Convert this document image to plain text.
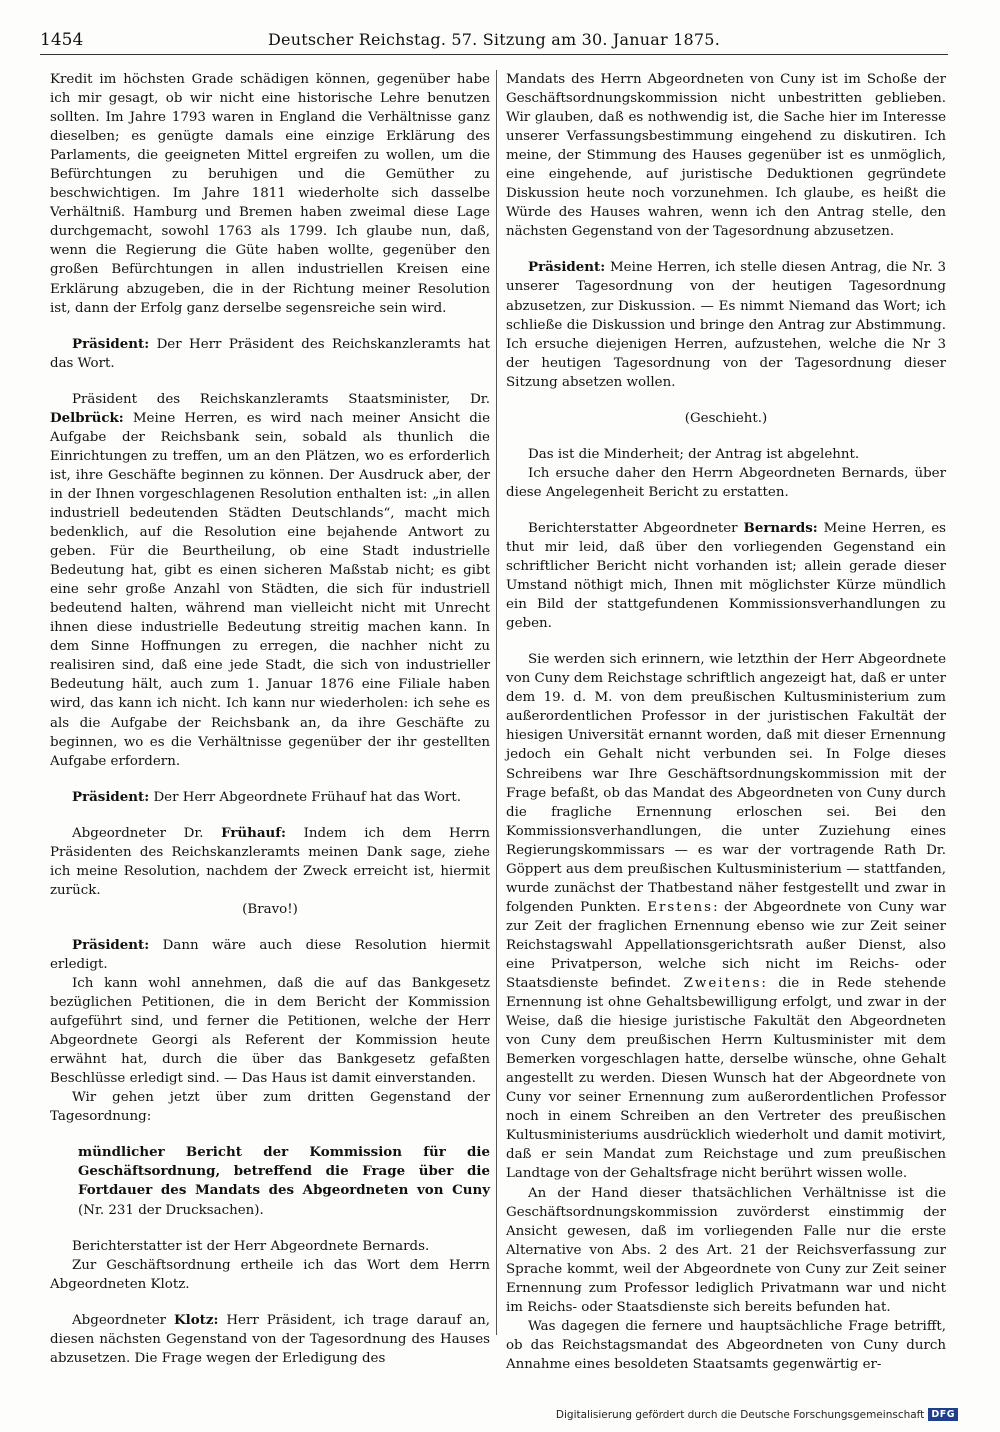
1454	Deutscher Reichstag. 57. Sitzung am 30. Januar 1875.

Kredit im höchsten Grade schädigen können, gegenüber habe ich mir gesagt, ob wir nicht eine historische Lehre benutzen sollten. Im Jahre 1793 waren in England die Verhältnisse ganz dieselben; es genügte damals eine einzige Erklärung des Parlaments, die geeigneten Mittel ergreifen zu wollen, um die Befürchtungen zu beruhigen und die Gemüther zu beschwichtigen. Im Jahre 1811 wiederholte sich dasselbe Verhältniß. Hamburg und Bremen haben zweimal diese Lage durchgemacht, sowohl 1763 als 1799. Ich glaube nun, daß, wenn die Regierung die Güte haben wollte, gegenüber den großen Befürchtungen in allen industriellen Kreisen eine Erklärung abzugeben, die in der Richtung meiner Resolution ist, dann der Erfolg ganz derselbe segensreiche sein wird.

Präsident: Der Herr Präsident des Reichskanzleramts hat das Wort.

Präsident des Reichskanzleramts Staatsminister, Dr. Delbrück: Meine Herren, es wird nach meiner Ansicht die Aufgabe der Reichsbank sein, sobald als thunlich die Einrichtungen zu treffen, um an den Plätzen, wo es erforderlich ist, ihre Geschäfte beginnen zu können. Der Ausdruck aber, der in der Ihnen vorgeschlagenen Resolution enthalten ist: „in allen industriell bedeutenden Städten Deutschlands“, macht mich bedenklich, auf die Resolution eine bejahende Antwort zu geben. Für die Beurtheilung, ob eine Stadt industrielle Bedeutung hat, gibt es einen sicheren Maßstab nicht; es gibt eine sehr große Anzahl von Städten, die sich für industriell bedeutend halten, während man vielleicht nicht mit Unrecht ihnen diese industrielle Bedeutung streitig machen kann. In dem Sinne Hoffnungen zu erregen, die nachher nicht zu realisiren sind, daß eine jede Stadt, die sich von industrieller Bedeutung hält, auch zum 1. Januar 1876 eine Filiale haben wird, das kann ich nicht. Ich kann nur wiederholen: ich sehe es als die Aufgabe der Reichsbank an, da ihre Geschäfte zu beginnen, wo es die Verhältnisse gegenüber der ihr gestellten Aufgabe erfordern.

Präsident: Der Herr Abgeordnete Frühauf hat das Wort.

Abgeordneter Dr. Frühauf: Indem ich dem Herrn Präsidenten des Reichskanzleramts meinen Dank sage, ziehe ich meine Resolution, nachdem der Zweck erreicht ist, hiermit zurück.

(Bravo!)

Präsident: Dann wäre auch diese Resolution hiermit erledigt.

Ich kann wohl annehmen, daß die auf das Bankgesetz bezüglichen Petitionen, die in dem Bericht der Kommission aufgeführt sind, und ferner die Petitionen, welche der Herr Abgeordnete Georgi als Referent der Kommission heute erwähnt hat, durch die über das Bankgesetz gefaßten Beschlüsse erledigt sind. — Das Haus ist damit einverstanden.

Wir gehen jetzt über zum dritten Gegenstand der Tagesordnung:

mündlicher Bericht der Kommission für die Geschäftsordnung, betreffend die Frage über die Fortdauer des Mandats des Abgeordneten von Cuny (Nr. 231 der Drucksachen).

Berichterstatter ist der Herr Abgeordnete Bernards.

Zur Geschäftsordnung ertheile ich das Wort dem Herrn Abgeordneten Klotz.

Abgeordneter Klotz: Herr Präsident, ich trage darauf an, diesen nächsten Gegenstand von der Tagesordnung des Hauses abzusetzen. Die Frage wegen der Erledigung des

Mandats des Herrn Abgeordneten von Cuny ist im Schoße der Geschäftsordnungskommission nicht unbestritten geblieben. Wir glauben, daß es nothwendig ist, die Sache hier im Interesse unserer Verfassungsbestimmung eingehend zu diskutiren. Ich meine, der Stimmung des Hauses gegenüber ist es unmöglich, eine eingehende, auf juristische Deduktionen gegründete Diskussion heute noch vorzunehmen. Ich glaube, es heißt die Würde des Hauses wahren, wenn ich den Antrag stelle, den nächsten Gegenstand von der Tagesordnung abzusetzen.

Präsident: Meine Herren, ich stelle diesen Antrag, die Nr. 3 unserer Tagesordnung von der heutigen Tagesordnung abzusetzen, zur Diskussion. — Es nimmt Niemand das Wort; ich schließe die Diskussion und bringe den Antrag zur Abstimmung. Ich ersuche diejenigen Herren, aufzustehen, welche die Nr 3 der heutigen Tagesordnung von der Tagesordnung dieser Sitzung absetzen wollen.

(Geschieht.)

Das ist die Minderheit; der Antrag ist abgelehnt.

Ich ersuche daher den Herrn Abgeordneten Bernards, über diese Angelegenheit Bericht zu erstatten.

Berichterstatter Abgeordneter Bernards: Meine Herren, es thut mir leid, daß über den vorliegenden Gegenstand ein schriftlicher Bericht nicht vorhanden ist; allein gerade dieser Umstand nöthigt mich, Ihnen mit möglichster Kürze mündlich ein Bild der stattgefundenen Kommissionsverhandlungen zu geben.

Sie werden sich erinnern, wie letzthin der Herr Abgeordnete von Cuny dem Reichstage schriftlich angezeigt hat, daß er unter dem 19. d. M. von dem preußischen Kultusministerium zum außerordentlichen Professor in der juristischen Fakultät der hiesigen Universität ernannt worden, daß mit dieser Ernennung jedoch ein Gehalt nicht verbunden sei. In Folge dieses Schreibens war Ihre Geschäftsordnungskommission mit der Frage befaßt, ob das Mandat des Abgeordneten von Cuny durch die fragliche Ernennung erloschen sei. Bei den Kommissionsverhandlungen, die unter Zuziehung eines Regierungskommissars — es war der vortragende Rath Dr. Göppert aus dem preußischen Kultusministerium — stattfanden, wurde zunächst der Thatbestand näher festgestellt und zwar in folgenden Punkten. Erstens: der Abgeordnete von Cuny war zur Zeit der fraglichen Ernennung ebenso wie zur Zeit seiner Reichstagswahl Appellationsgerichtsrath außer Dienst, also eine Privatperson, welche sich nicht im Reichs- oder Staatsdienste befindet. Zweitens: die in Rede stehende Ernennung ist ohne Gehaltsbewilligung erfolgt, und zwar in der Weise, daß die hiesige juristische Fakultät den Abgeordneten von Cuny dem preußischen Herrn Kultusminister mit dem Bemerken vorgeschlagen hatte, derselbe wünsche, ohne Gehalt angestellt zu werden. Diesen Wunsch hat der Abgeordnete von Cuny vor seiner Ernennung zum außerordentlichen Professor noch in einem Schreiben an den Vertreter des preußischen Kultusministeriums ausdrücklich wiederholt und damit motivirt, daß er sein Mandat zum Reichstage und zum preußischen Landtage von der Gehaltsfrage nicht berührt wissen wolle.

An der Hand dieser thatsächlichen Verhältnisse ist die Geschäftsordnungskommission zuvörderst einstimmig der Ansicht gewesen, daß im vorliegenden Falle nur die erste Alternative von Abs. 2 des Art. 21 der Reichsverfassung zur Sprache kommt, weil der Abgeordnete von Cuny zur Zeit seiner Ernennung zum Professor lediglich Privatmann war und nicht im Reichs- oder Staatsdienste sich bereits befunden hat.

Was dagegen die fernere und hauptsächliche Frage betrifft, ob das Reichstagsmandat des Abgeordneten von Cuny durch Annahme eines besoldeten Staatsamts gegenwärtig er-

Digitalisierung gefördert durch die Deutsche Forschungsgemeinschaft DFG
